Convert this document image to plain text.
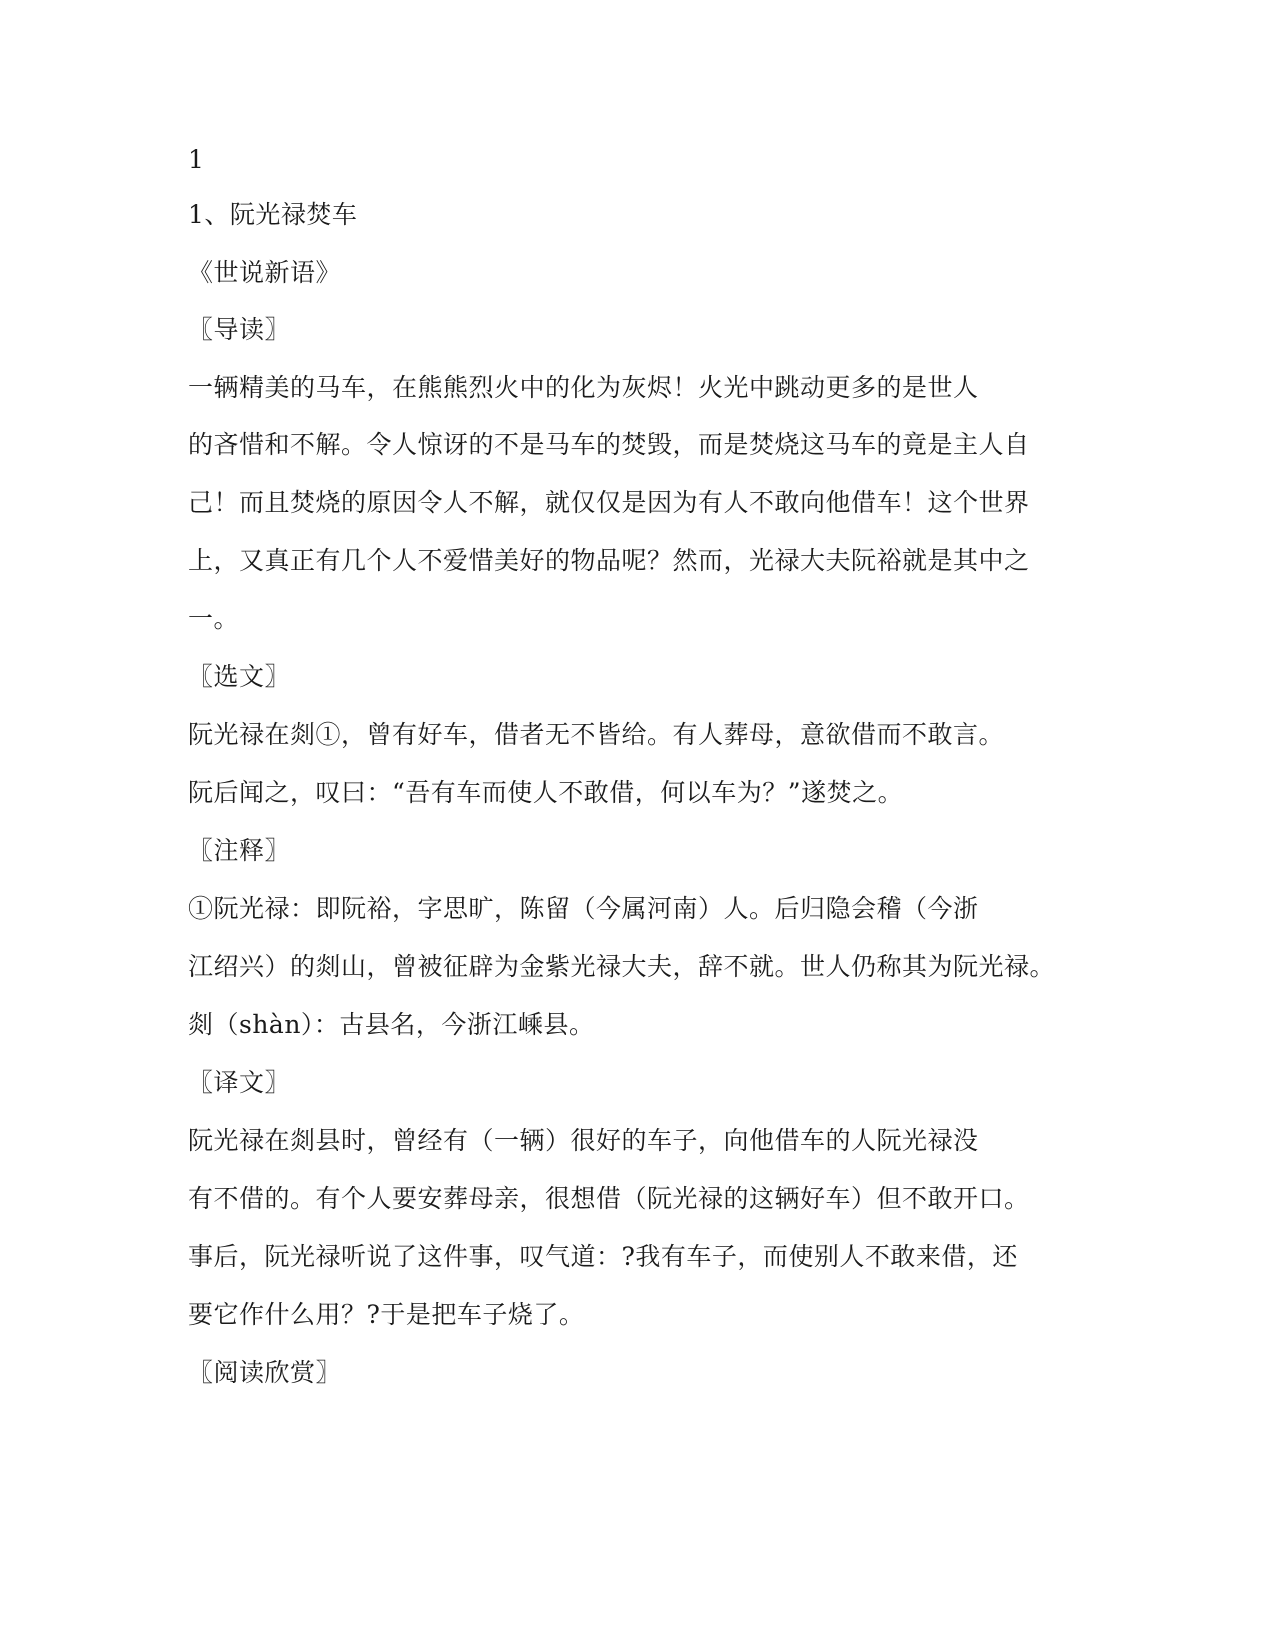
1
1、阮光禄焚车
《世说新语》
〖导读〗
一辆精美的马车，在熊熊烈火中的化为灰烬！火光中跳动更多的是世人
的吝惜和不解。令人惊讶的不是马车的焚毁，而是焚烧这马车的竟是主人自
己！而且焚烧的原因令人不解，就仅仅是因为有人不敢向他借车！这个世界
上，又真正有几个人不爱惜美好的物品呢？然而，光禄大夫阮裕就是其中之
一。
〖选文〗
阮光禄在剡①，曾有好车，借者无不皆给。有人葬母，意欲借而不敢言。
阮后闻之，叹曰：“吾有车而使人不敢借，何以车为？”遂焚之。
〖注释〗
①阮光禄：即阮裕，字思旷，陈留（今属河南）人。后归隐会稽（今浙
江绍兴）的剡山，曾被征辟为金紫光禄大夫，辞不就。世人仍称其为阮光禄。
剡（shàn）：古县名，今浙江嵊县。
〖译文〗
阮光禄在剡县时，曾经有（一辆）很好的车子，向他借车的人阮光禄没
有不借的。有个人要安葬母亲，很想借（阮光禄的这辆好车）但不敢开口。
事后，阮光禄听说了这件事，叹气道：?我有车子，而使别人不敢来借，还
要它作什么用？?于是把车子烧了。
〖阅读欣赏〗
